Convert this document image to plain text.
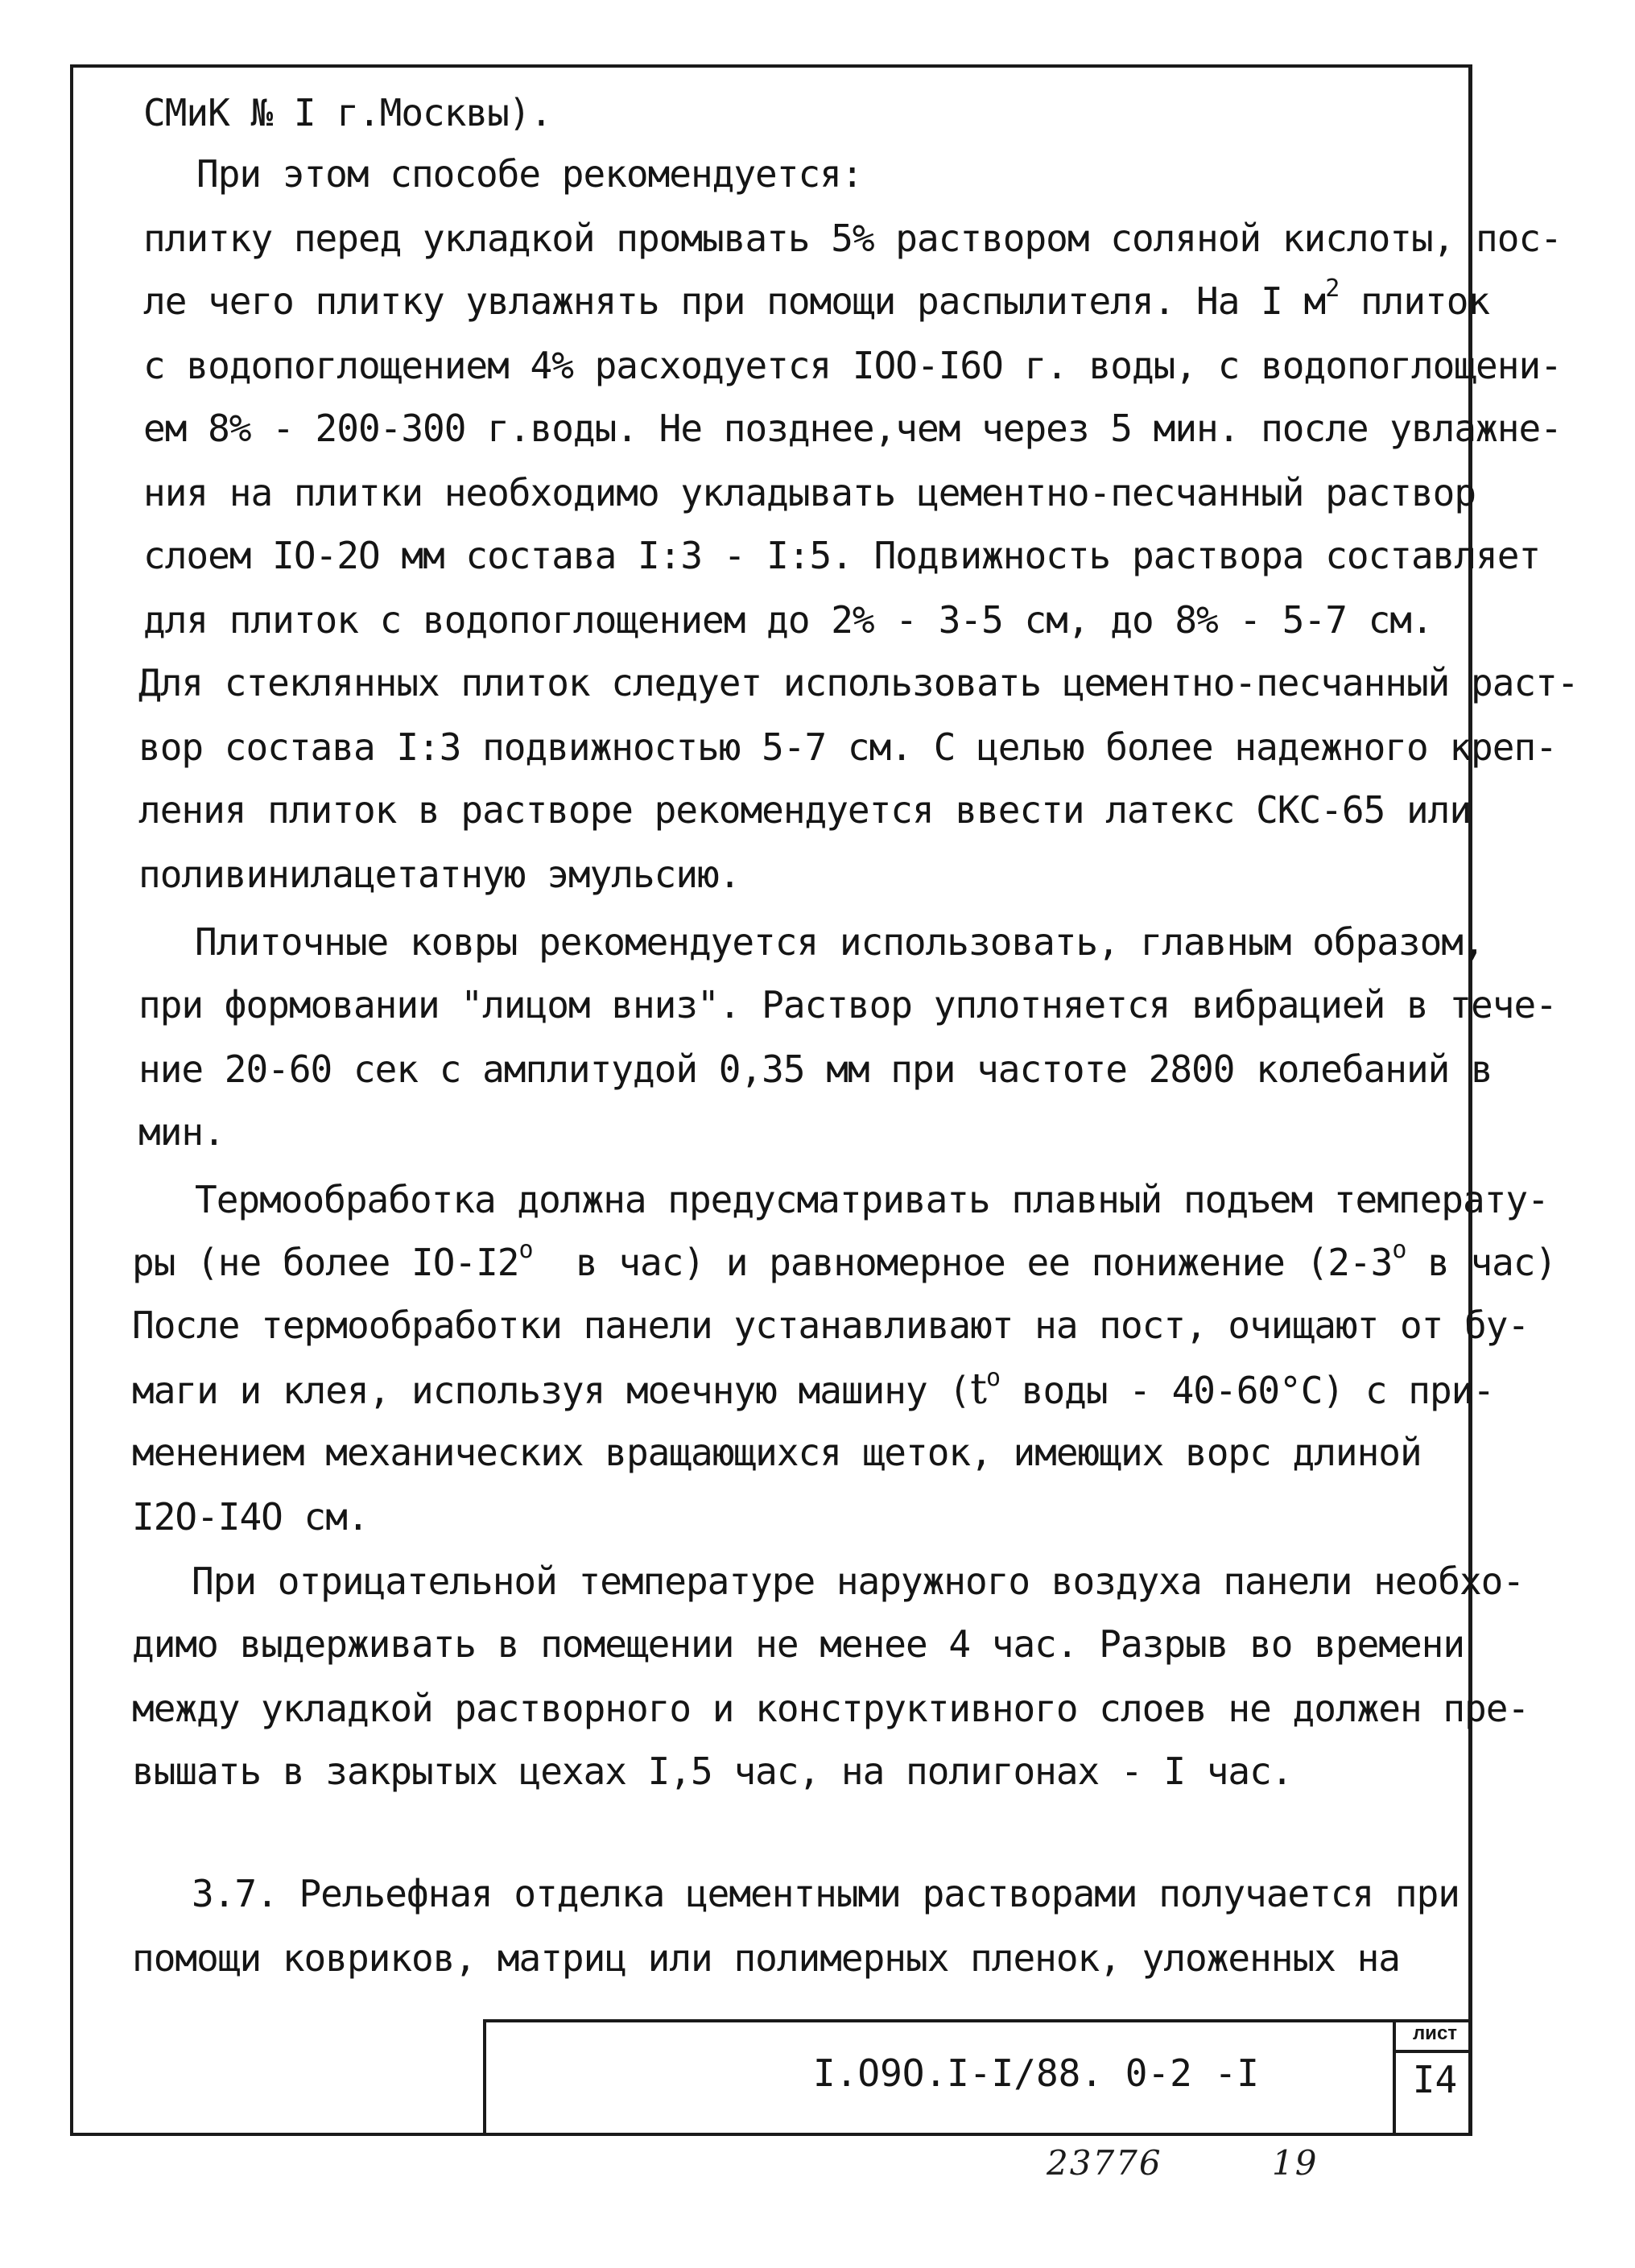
СМиК № I г.Москвы).
При этом способе рекомендуется:
плитку перед укладкой промывать 5% раствором соляной кислоты, пос-
ле чего плитку увлажнять при помощи распылителя. На I $м^2$ плиток
с водопоглощением 4% расходуется IOO-I6O г. воды, с водопоглощени-
ем 8% - 200-300 г.воды. Не позднее,чем через 5 мин. после увлажне-
ния на плитки необходимо укладывать цементно-песчанный раствор
слоем IO-2O мм состава I:3 - I:5. Подвижность раствора составляет
для плиток с водопоглощением до 2% - 3-5 см, до 8% - 5-7 см.
Для стеклянных плиток следует использовать цементно-песчанный раст-
вор состава I:3 подвижностью 5-7 см. С целью более надежного креп-
ления плиток в растворе рекомендуется ввести латекс СКС-65 или
поливинилацетатную эмульсию.
Плиточные ковры рекомендуется использовать, главным образом,
при формовании "лицом вниз". Раствор уплотняется вибрацией в тече-
ние 20-60 сек с амплитудой 0,35 мм при частоте 2800 колебаний в
мин.
Термообработка должна предусматривать плавный подъем температу-
ры (не более IO-I2$^o$  в час) и равномерное ее понижение (2-3$^o$ в час)
После термообработки панели устанавливают на пост, очищают от бу-
маги и клея, используя моечную машину ($t^o$ воды - 40-60°С) с при-
менением механических вращающихся щеток, имеющих ворс длиной
I2O-I4O см.
При отрицательной температуре наружного воздуха панели необхо-
димо выдерживать в помещении не менее 4 час. Разрыв во времени
между укладкой растворного и конструктивного слоев не должен пре-
вышать в закрытых цехах I,5 час, на полигонах - I час.
3.7. Рельефная отделка цементными растворами получается при
помощи ковриков, матриц или полимерных пленок, уложенных на
I.O9O.I-I/88. 0-2 -I
лист
I4
23776	19
